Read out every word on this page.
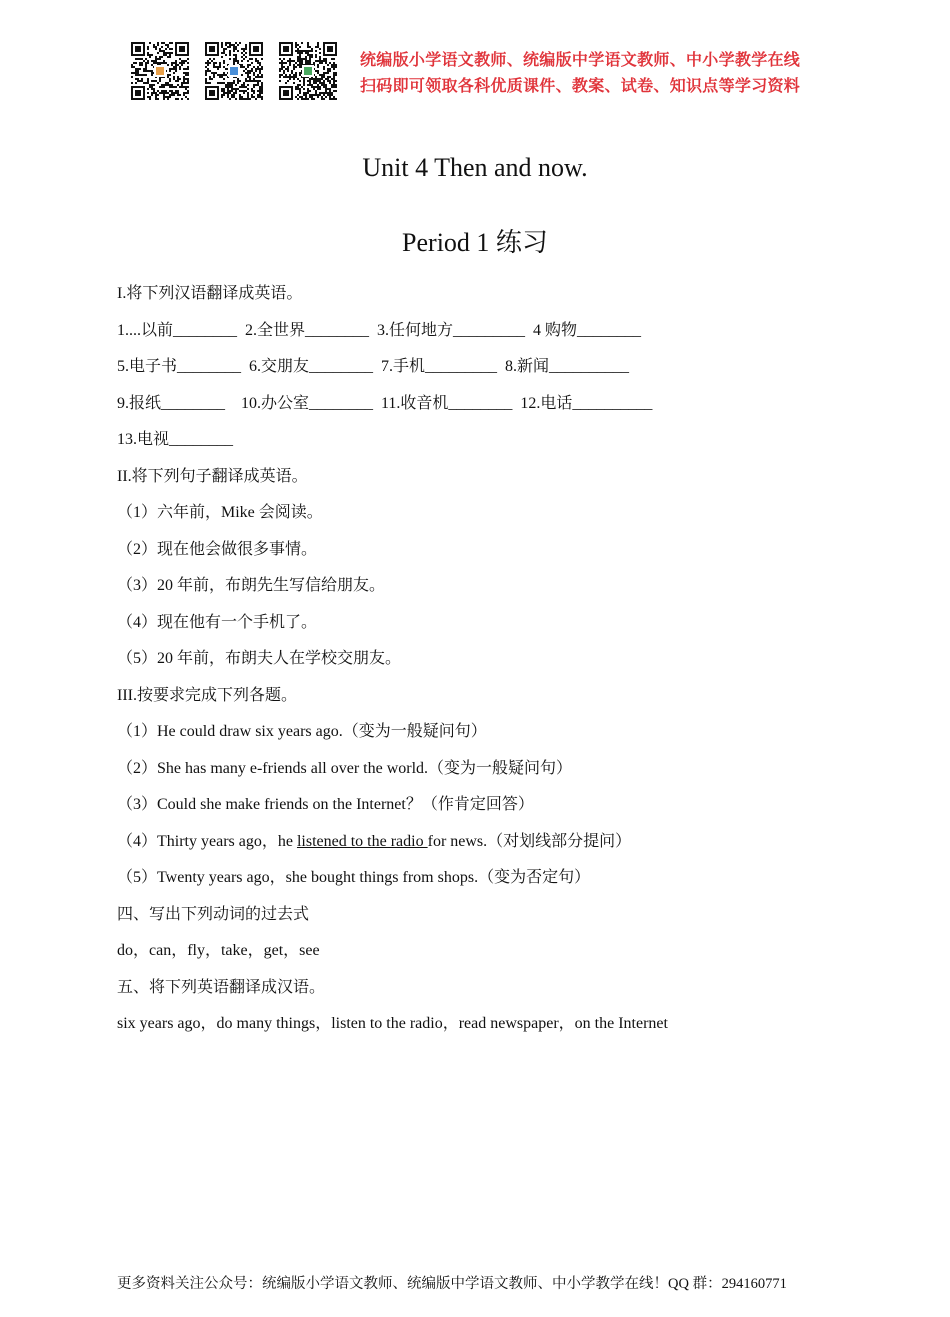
统编版小学语文教师、统编版中学语文教师、中小学教学在线
扫码即可领取各科优质课件、教案、试卷、知识点等学习资料
Unit 4 Then and now.
Period 1 练习
I.将下列汉语翻译成英语。
1....以前________  2.全世界________  3.任何地方_________  4 购物________
5.电子书________  6.交朋友________  7.手机_________  8.新闻__________
9.报纸________    10.办公室________  11.收音机________  12.电话__________
13.电视________
II.将下列句子翻译成英语。
（1）六年前，Mike 会阅读。
（2）现在他会做很多事情。
（3）20 年前，布朗先生写信给朋友。
（4）现在他有一个手机了。
（5）20 年前，布朗夫人在学校交朋友。
III.按要求完成下列各题。
（1）He could draw six years ago.（变为一般疑问句）
（2）She has many e-friends all over the world.（变为一般疑问句）
（3）Could she make friends on the Internet？（作肯定回答）
（4）Thirty years ago，he listened to the radio for news.（对划线部分提问）
（5）Twenty years ago，she bought things from shops.（变为否定句）
四、写出下列动词的过去式
do，can，fly，take，get，see
五、将下列英语翻译成汉语。
six years ago，do many things，listen to the radio，read newspaper，on the Internet
更多资料关注公众号：统编版小学语文教师、统编版中学语文教师、中小学教学在线！QQ 群：294160771
